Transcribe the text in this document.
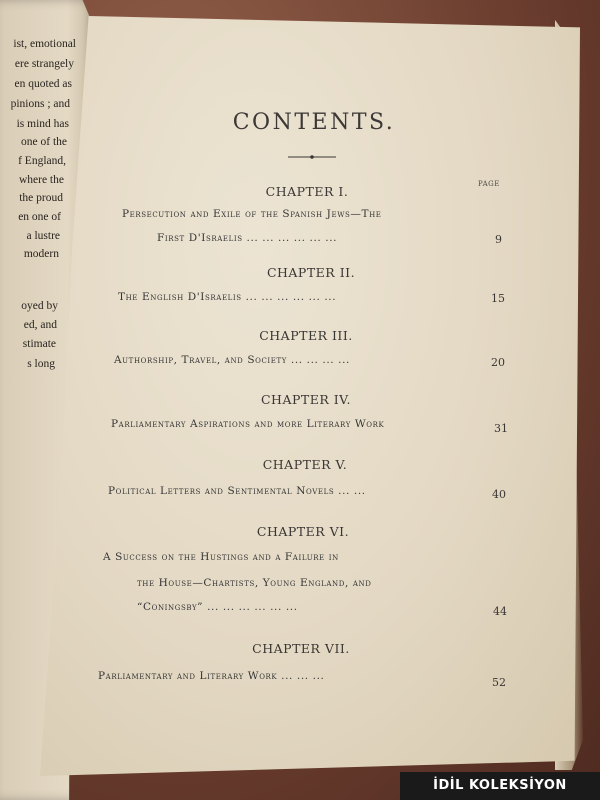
ist, emotional
ere strangely
en quoted as
pinions ; and
is mind has
one of the
f England,
where the
the proud
en one of
a lustre
modern
oyed by
ed, and
stimate
s long
CONTENTS.
PAGE
CHAPTER I.
Persecution and Exile of the Spanish Jews—The
First D'Israelis ... ... ... ... ... ...	9
CHAPTER II.
The English D'Israelis ... ... ... ... ... ...	15
CHAPTER III.
Authorship, Travel, and Society ... ... ... ...	20
CHAPTER IV.
Parliamentary Aspirations and more Literary Work	31
CHAPTER V.
Political Letters and Sentimental Novels ... ...	40
CHAPTER VI.
A Success on the Hustings and a Failure in
the House—Chartists, Young England, and
“Coningsby” ... ... ... ... ... ...	44
CHAPTER VII.
Parliamentary and Literary Work ... ... ...	52
İDİL KOLEKSİYON
